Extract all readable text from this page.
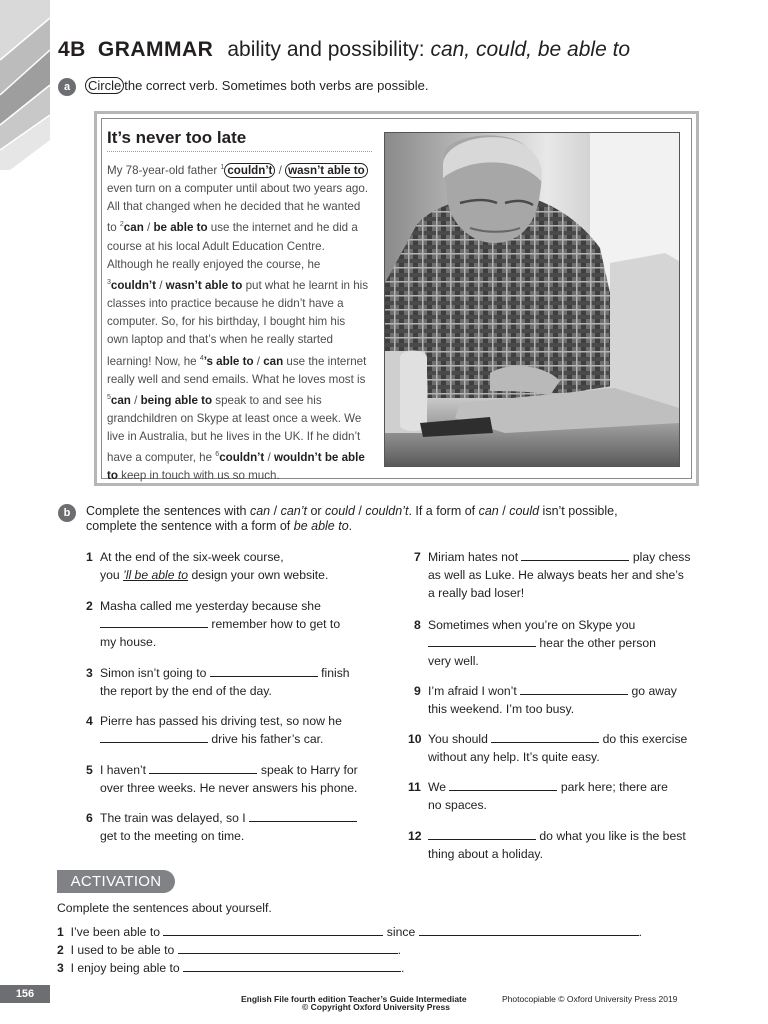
4B GRAMMAR ability and possibility: can, could, be able to
a	Circle the correct verb. Sometimes both verbs are possible.
It’s never too late
My 78-year-old father $^1$ couldn’t / wasn’t able to even turn on a computer until about two years ago. All that changed when he decided that he wanted to $^2$can / be able to use the internet and he did a course at his local Adult Education Centre. Although he really enjoyed the course, he $^3$couldn’t / wasn’t able to put what he learnt in his classes into practice because he didn’t have a computer. So, for his birthday, I bought him his own laptop and that’s when he really started learning! Now, he $^4$’s able to / can use the internet really well and send emails. What he loves most is $^5$can / being able to speak to and see his grandchildren on Skype at least once a week. We live in Australia, but he lives in the UK. If he didn’t have a computer, he $^6$couldn’t / wouldn’t be able to keep in touch with us so much.
b	Complete the sentences with can / can’t or could / couldn’t. If a form of can / could isn’t possible,
complete the sentence with a form of be able to.
1 At the end of the six-week course,
you ’ll be able to design your own website.
2 Masha called me yesterday because she
remember how to get to
my house.
3 Simon isn’t going to	finish
the report by the end of the day.
4 Pierre has passed his driving test, so now he
drive his father’s car.
5 I haven’t	speak to Harry for
over three weeks. He never answers his phone.
6 The train was delayed, so I
get to the meeting on time.
7 Miriam hates not	play chess
as well as Luke. He always beats her and she’s
a really bad loser!
8 Sometimes when you’re on Skype you
hear the other person
very well.
9 I’m afraid I won’t	go away
this weekend. I’m too busy.
10 You should	do this exercise
without any help. It’s quite easy.
11 We	park here; there are
no spaces.
12	do what you like is the best
thing about a holiday.
ACTIVATION
Complete the sentences about yourself.
1 I’ve been able to	since	.
2 I used to be able to	.
3 I enjoy being able to	.
156	English File fourth edition Teacher’s Guide Intermediate	Photocopiable © Oxford University Press 2019
© Copyright Oxford University Press
